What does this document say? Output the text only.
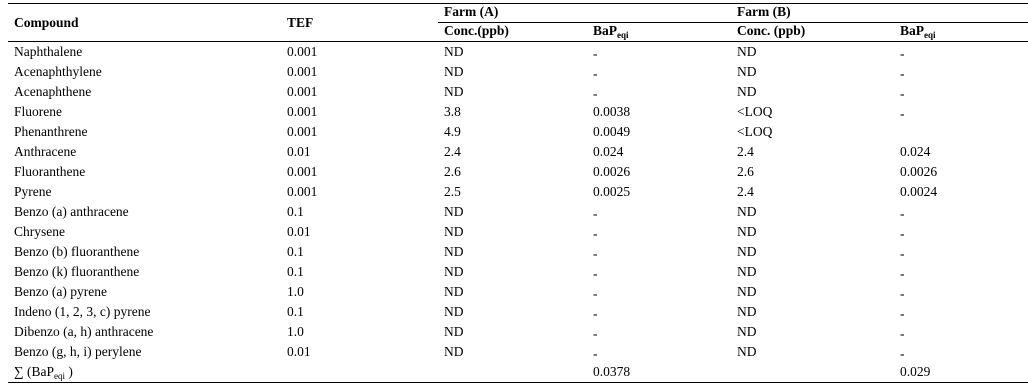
Compound	TEF	Farm (A)		Farm (B)	
		Conc.(ppb)	BaP$_{eqi}$	Conc. (ppb)	BaP$_{eqi}$
Naphthalene	0.001	ND	-	ND	-
Acenaphthylene	0.001	ND	-	ND	-
Acenaphthene	0.001	ND	-	ND	-
Fluorene	0.001	3.8	0.0038	<LOQ	-
Phenanthrene	0.001	4.9	0.0049	<LOQ	
Anthracene	0.01	2.4	0.024	2.4	0.024
Fluoranthene	0.001	2.6	0.0026	2.6	0.0026
Pyrene	0.001	2.5	0.0025	2.4	0.0024
Benzo (a) anthracene	0.1	ND	-	ND	-
Chrysene	0.01	ND	-	ND	-
Benzo (b) fluoranthene	0.1	ND	-	ND	-
Benzo (k) fluoranthene	0.1	ND	-	ND	-
Benzo (a) pyrene	1.0	ND	-	ND	-
Indeno (1, 2, 3, c) pyrene	0.1	ND	-	ND	-
Dibenzo (a, h) anthracene	1.0	ND	-	ND	-
Benzo (g, h, i) perylene	0.01	ND	-	ND	-
∑ (BaP$_{eqi}$ )			0.0378		0.029
